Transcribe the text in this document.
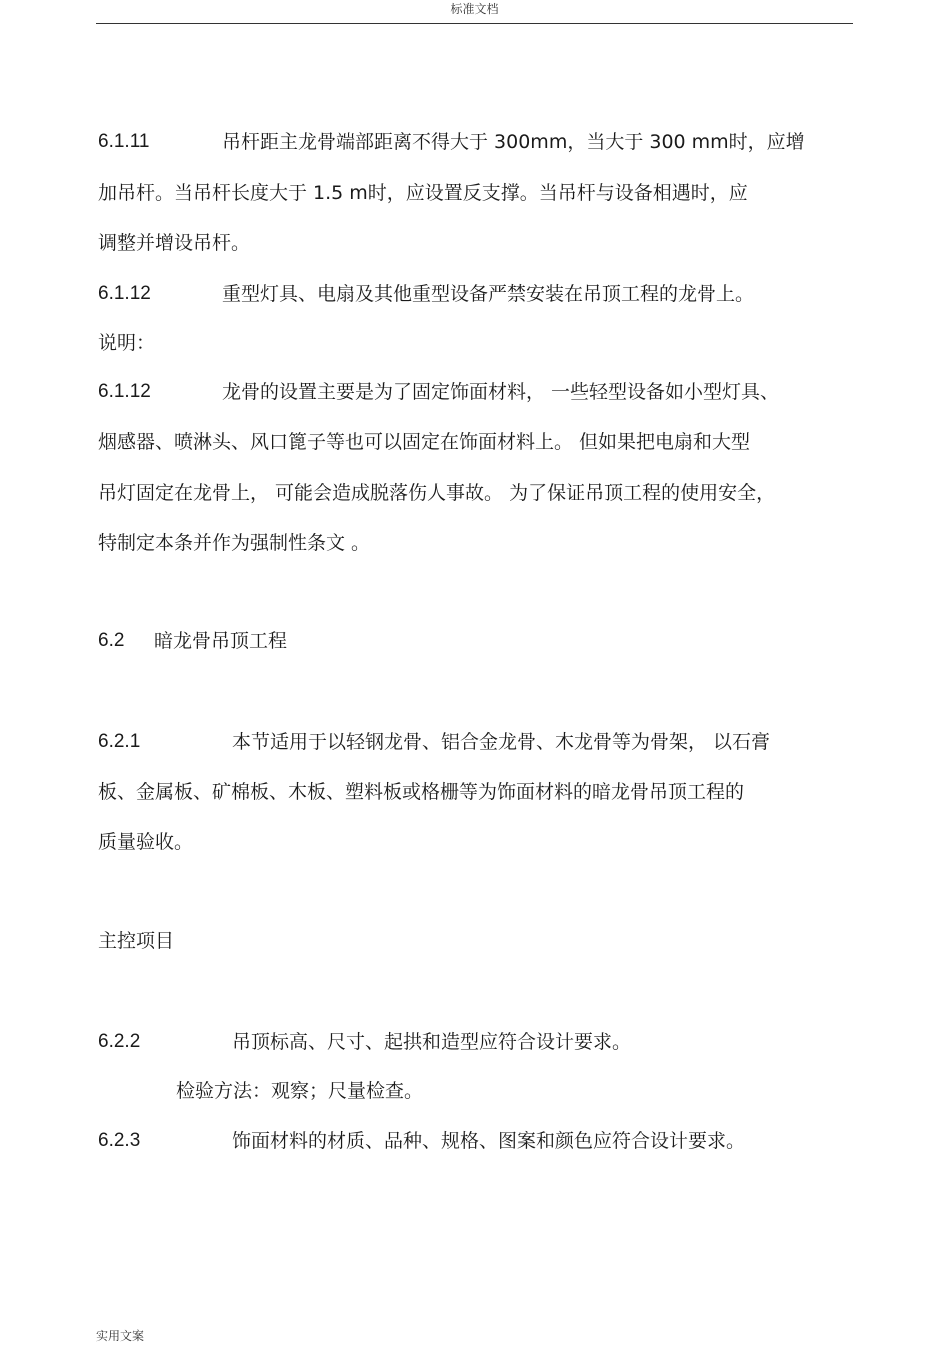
标准文档
6.1.11	吊杆距主龙骨端部距离不得大于 300mm，当大于 300 mm时，应增
加吊杆。当吊杆长度大于 1.5 m时，应设置反支撑。当吊杆与设备相遇时，应
调整并增设吊杆。
6.1.12	重型灯具、电扇及其他重型设备严禁安装在吊顶工程的龙骨上。
说明：
6.1.12	龙骨的设置主要是为了固定饰面材料， 一些轻型设备如小型灯具、
烟感器、喷淋头、风口篦子等也可以固定在饰面材料上。 但如果把电扇和大型
吊灯固定在龙骨上， 可能会造成脱落伤人事故。 为了保证吊顶工程的使用安全，
特制定本条并作为强制性条文 。
6.2 暗龙骨吊顶工程
6.2.1	本节适用于以轻钢龙骨、铝合金龙骨、木龙骨等为骨架， 以石膏
板、金属板、矿棉板、木板、塑料板或格栅等为饰面材料的暗龙骨吊顶工程的
质量验收。
主控项目
6.2.2	吊顶标高、尺寸、起拱和造型应符合设计要求。
检验方法：观察；尺量检查。
6.2.3	饰面材料的材质、品种、规格、图案和颜色应符合设计要求。
实用文案
